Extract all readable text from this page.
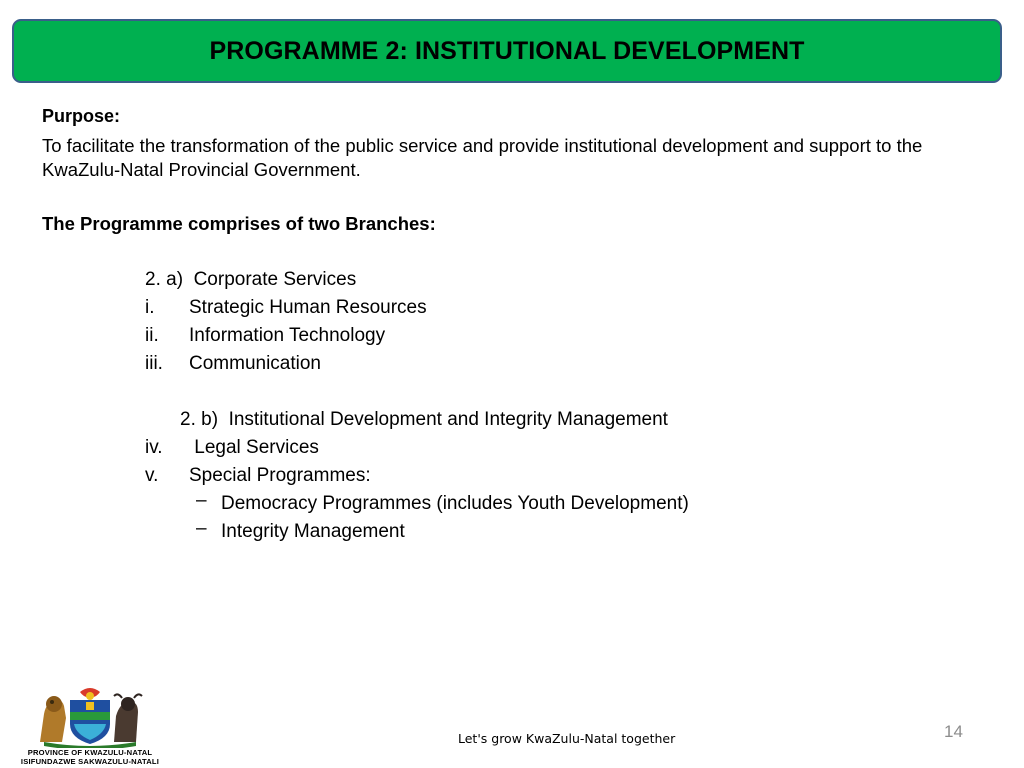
PROGRAMME 2: INSTITUTIONAL DEVELOPMENT
Purpose:
To facilitate the transformation of the public service and provide institutional development and support to the KwaZulu-Natal Provincial Government.
The Programme comprises of two Branches:
2. a)  Corporate Services
i. Strategic Human Resources
ii. Information Technology
iii. Communication
2. b)  Institutional Development and Integrity Management
iv. Legal Services
v. Special Programmes:
– Democracy Programmes (includes Youth Development)
– Integrity Management
PROVINCE OF KWAZULU-NATAL
ISIFUNDAZWE SAKWAZULU-NATALI
Let's grow KwaZulu-Natal together	14
